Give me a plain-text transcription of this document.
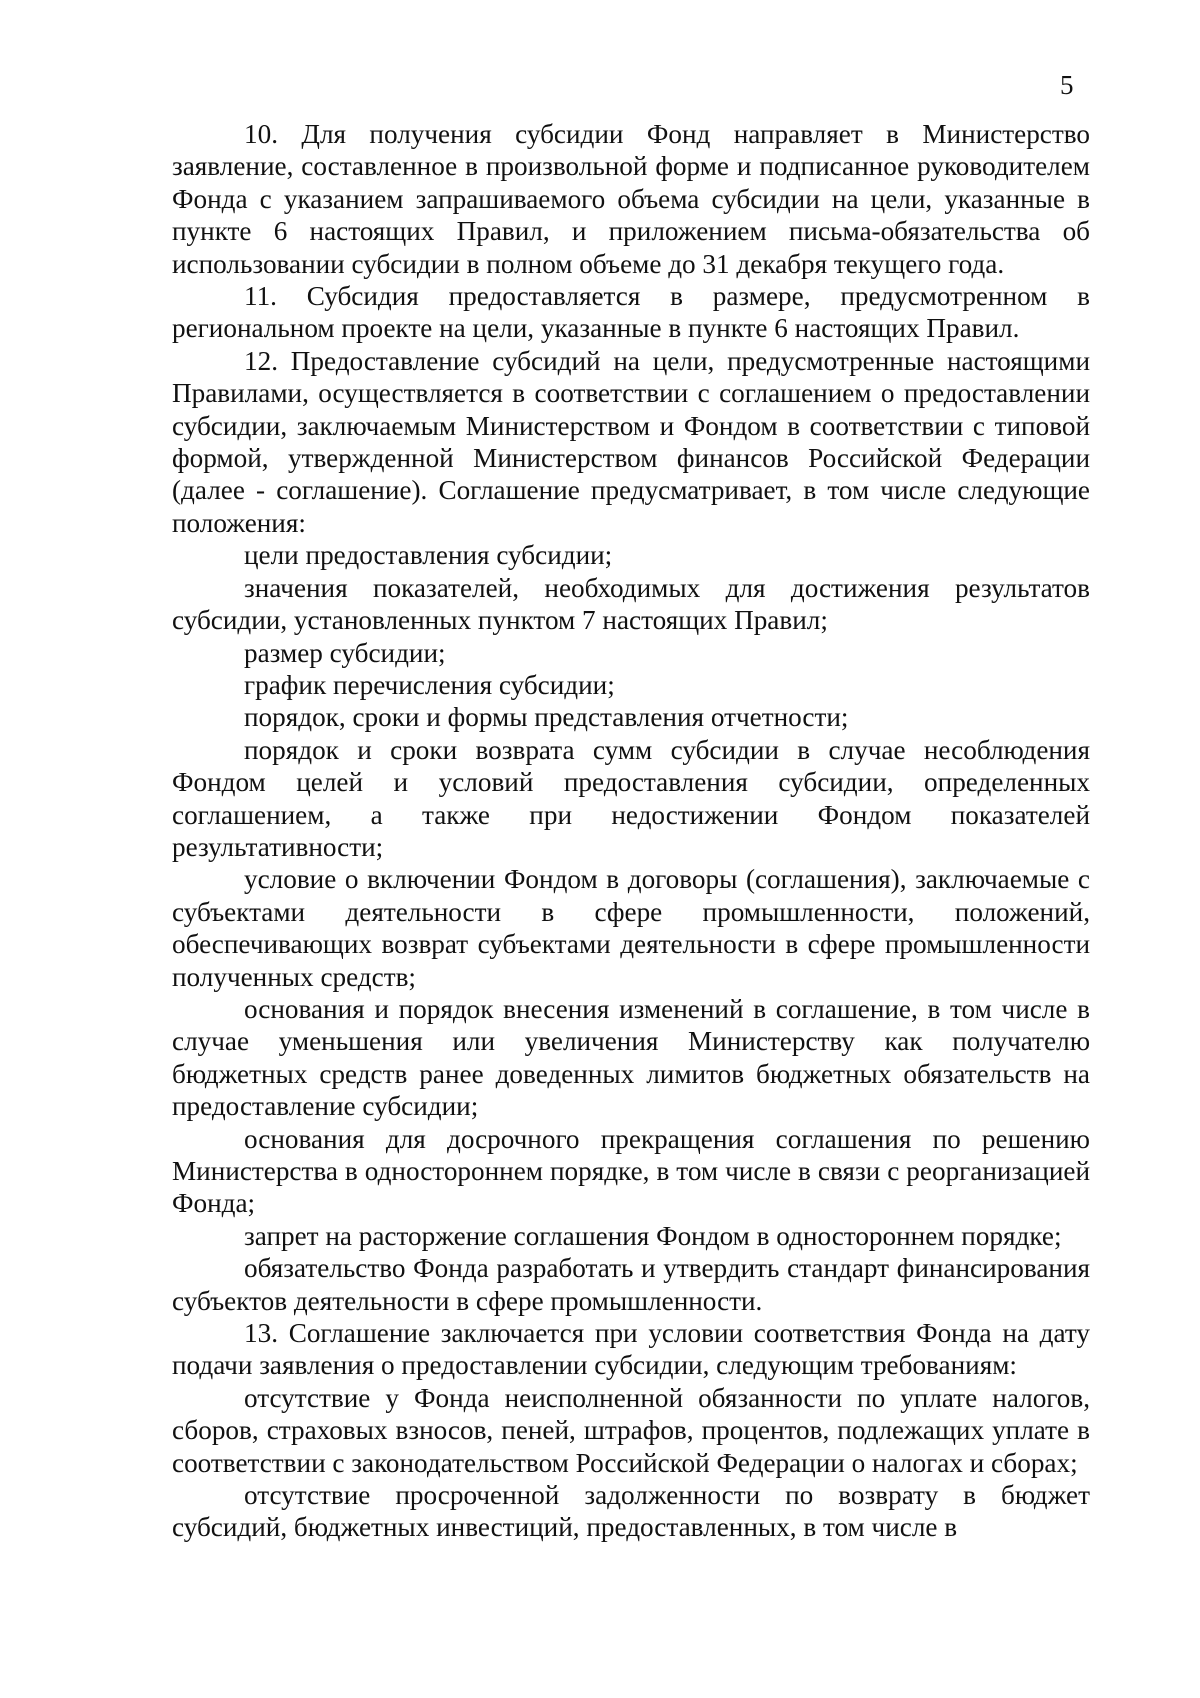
5

10. Для получения субсидии Фонд направляет в Министерство заявление, составленное в произвольной форме и подписанное руководителем Фонда с указанием запрашиваемого объема субсидии на цели, указанные в пункте 6 настоящих Правил, и приложением письма-обязательства об использовании субсидии в полном объеме до 31 декабря текущего года.

11. Субсидия предоставляется в размере, предусмотренном в региональном проекте на цели, указанные в пункте 6 настоящих Правил.

12. Предоставление субсидий на цели, предусмотренные настоящими Правилами, осуществляется в соответствии с соглашением о предоставлении субсидии, заключаемым Министерством и Фондом в соответствии с типовой формой, утвержденной Министерством финансов Российской Федерации (далее - соглашение). Соглашение предусматривает, в том числе следующие положения:

цели предоставления субсидии;

значения показателей, необходимых для достижения результатов субсидии, установленных пунктом 7 настоящих Правил;

размер субсидии;

график перечисления субсидии;

порядок, сроки и формы представления отчетности;

порядок и сроки возврата сумм субсидии в случае несоблюдения Фондом целей и условий предоставления субсидии, определенных соглашением, а также при недостижении Фондом показателей результативности;

условие о включении Фондом в договоры (соглашения), заключаемые с субъектами деятельности в сфере промышленности, положений, обеспечивающих возврат субъектами деятельности в сфере промышленности полученных средств;

основания и порядок внесения изменений в соглашение, в том числе в случае уменьшения или увеличения Министерству как получателю бюджетных средств ранее доведенных лимитов бюджетных обязательств на предоставление субсидии;

основания для досрочного прекращения соглашения по решению Министерства в одностороннем порядке, в том числе в связи с реорганизацией Фонда;

запрет на расторжение соглашения Фондом в одностороннем порядке;

обязательство Фонда разработать и утвердить стандарт финансирования субъектов деятельности в сфере промышленности.

13. Соглашение заключается при условии соответствия Фонда на дату подачи заявления о предоставлении субсидии, следующим требованиям:

отсутствие у Фонда неисполненной обязанности по уплате налогов, сборов, страховых взносов, пеней, штрафов, процентов, подлежащих уплате в соответствии с законодательством Российской Федерации о налогах и сборах;

отсутствие просроченной задолженности по возврату в бюджет субсидий, бюджетных инвестиций, предоставленных, в том числе в
